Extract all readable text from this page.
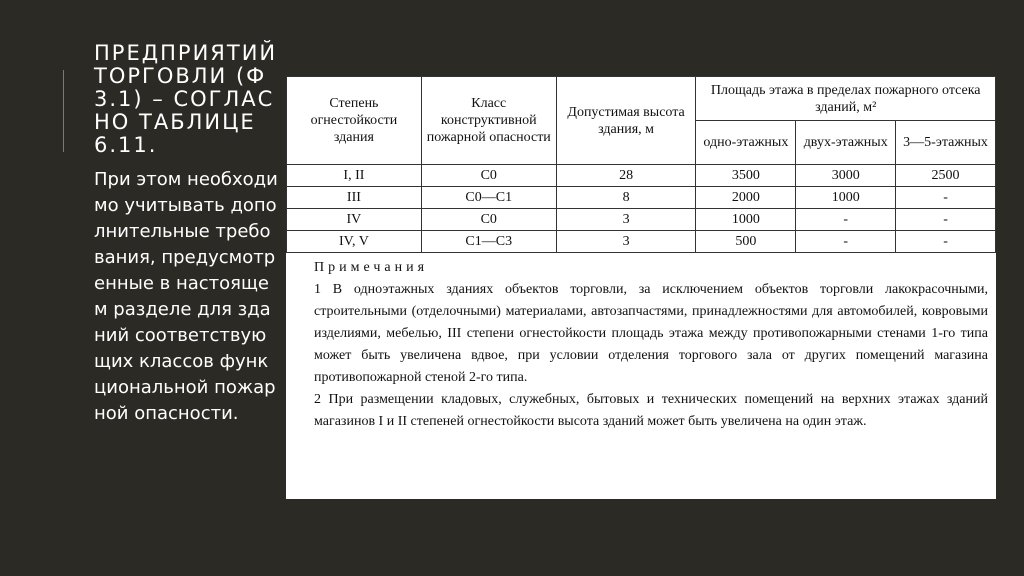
ПРЕДПРИЯТИЙ ТОРГОВЛИ (Ф3.1) – СОГЛАСНО ТАБЛИЦЕ 6.11.
При этом необходимо учитывать дополнительные требования, предусмотренные в настоящем разделе для зданий соответствующих классов функциональной пожарной опасности.
Степень огнестойкости здания	Класс конструктивной пожарной опасности	Допустимая высота здания, м	Площадь этажа в пределах пожарного отсека зданий, м²		
			одно-этажных	двух-этажных	3—5-этажных
I, II	С0	28	3500	3000	2500
III	С0—С1	8	2000	1000	-
IV	С0	3	1000	-	-
IV, V	С1—С3	3	500	-	-
Примечания

1 В одноэтажных зданиях объектов торговли, за исключением объектов торговли лакокрасочными, строительными (отделочными) материалами, автозапчастями, принадлежностями для автомобилей, ковровыми изделиями, мебелью, III степени огнестойкости площадь этажа между противопожарными стенами 1-го типа может быть увеличена вдвое, при условии отделения торгового зала от других помещений магазина противопожарной стеной 2-го типа.

2 При размещении кладовых, служебных, бытовых и технических помещений на верхних этажах зданий магазинов I и II степеней огнестойкости высота зданий может быть увеличена на один этаж.
